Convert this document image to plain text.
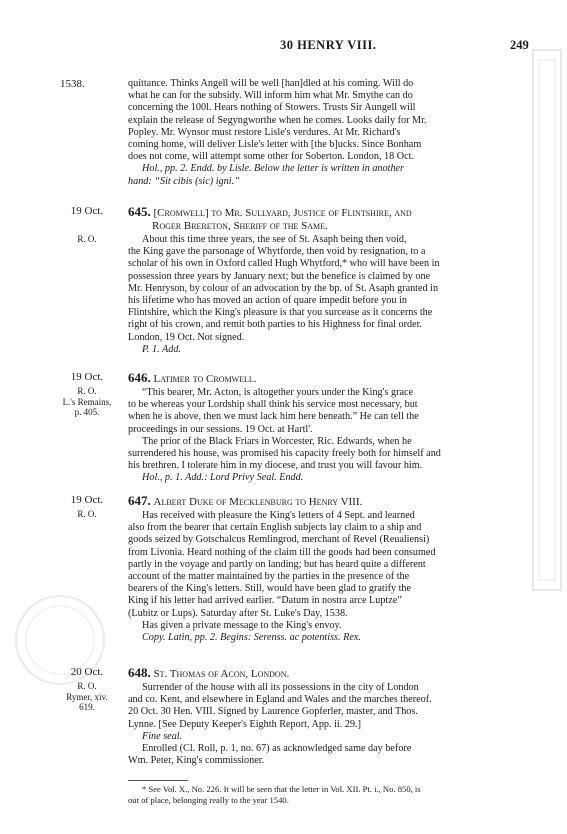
30 HENRY VIII.	249
1538.	quittance. Thinks Angell will be well [han]dled at his coming. Will do
what he can for the subsidy. Will inform him what Mr. Smythe can do
concerning the 100l. Hears nothing of Stowers. Trusts Sir Aungell will
explain the release of Segyngworthe when he comes. Looks daily for Mr.
Popley. Mr. Wynsor must restore Lisle's verdures. At Mr. Richard's
coming home, will deliver Lisle's letter with [the b]ucks. Since Bonham
does not come, will attempt some other for Soberton. London, 18 Oct.
Hol., pp. 2. Endd. by Lisle. Below the letter is written in another
hand: “Sit cibis (sic) igni.”
19 Oct.
R. O.
645. [Cromwell] to Mr. Sullyard, Justice of Flintshire, and
Roger Brereton, Sheriff of the Same.
About this time three years, the see of St. Asaph being then void,
the King gave the parsonage of Whytforde, then void by resignation, to a
scholar of his own in Oxford called Hugh Whytford,* who will have been in
possession three years by January next; but the benefice is claimed by one
Mr. Henryson, by colour of an advocation by the bp. of St. Asaph granted in
his lifetime who has moved an action of quare impedit before you in
Flintshire, which the King's pleasure is that you surcease as it concerns the
right of his crown, and remit both parties to his Highness for final order.
London, 19 Oct. Not signed.
P. 1. Add.
19 Oct.
R. O.
L.'s Remains,
p. 405.
646. Latimer to Cromwell.
“This bearer, Mr. Acton, is altogether yours under the King's grace
to be whereas your Lordship shall think his service most necessary, but
when he is above, then we must lack him here beneath.” He can tell the
proceedings in our sessions. 19 Oct. at Hartl'.
The prior of the Black Friars in Worcester, Ric. Edwards, when he
surrendered his house, was promised his capacity freely both for himself and
his brethren. I tolerate him in my diocese, and trust you will favour him.
Hol., p. 1. Add.: Lord Privy Seal. Endd.
19 Oct.
R. O.
647. Albert Duke of Mecklenburg to Henry VIII.
Has received with pleasure the King's letters of 4 Sept. and learned
also from the bearer that certain English subjects lay claim to a ship and
goods seized by Gotschalcus Remlingrod, merchant of Revel (Reualiensi)
from Livonia. Heard nothing of the claim till the goods had been consumed
partly in the voyage and partly on landing; but has heard quite a different
account of the matter maintained by the parties in the presence of the
bearers of the King's letters. Still, would have been glad to gratify the
King if his letter had arrived earlier. “Datum in nostra arce Luptze”
(Lubitz or Lups). Saturday after St. Luke's Day, 1538.
Has given a private message to the King's envoy.
Copy. Latin, pp. 2. Begins: Serenss. ac potentiss. Rex.
20 Oct.
R. O.
Rymer, xiv.
619.
648. St. Thomas of Acon, London.
Surrender of the house with all its possessions in the city of London
and co. Kent, and elsewhere in Egland and Wales and the marches thereof.
20 Oct. 30 Hen. VIII. Signed by Laurence Gopferler, master, and Thos.
Lynne. [See Deputy Keeper's Eighth Report, App. ii. 29.]
Fine seal.
Enrolled (Cl. Roll, p. 1, no. 67) as acknowledged same day before
Wm. Peter, King's commissioner.
* See Vol. X., No. 226. It will be seen that the letter in Vol. XII. Pt. i., No. 850, is
out of place, belonging really to the year 1540.
